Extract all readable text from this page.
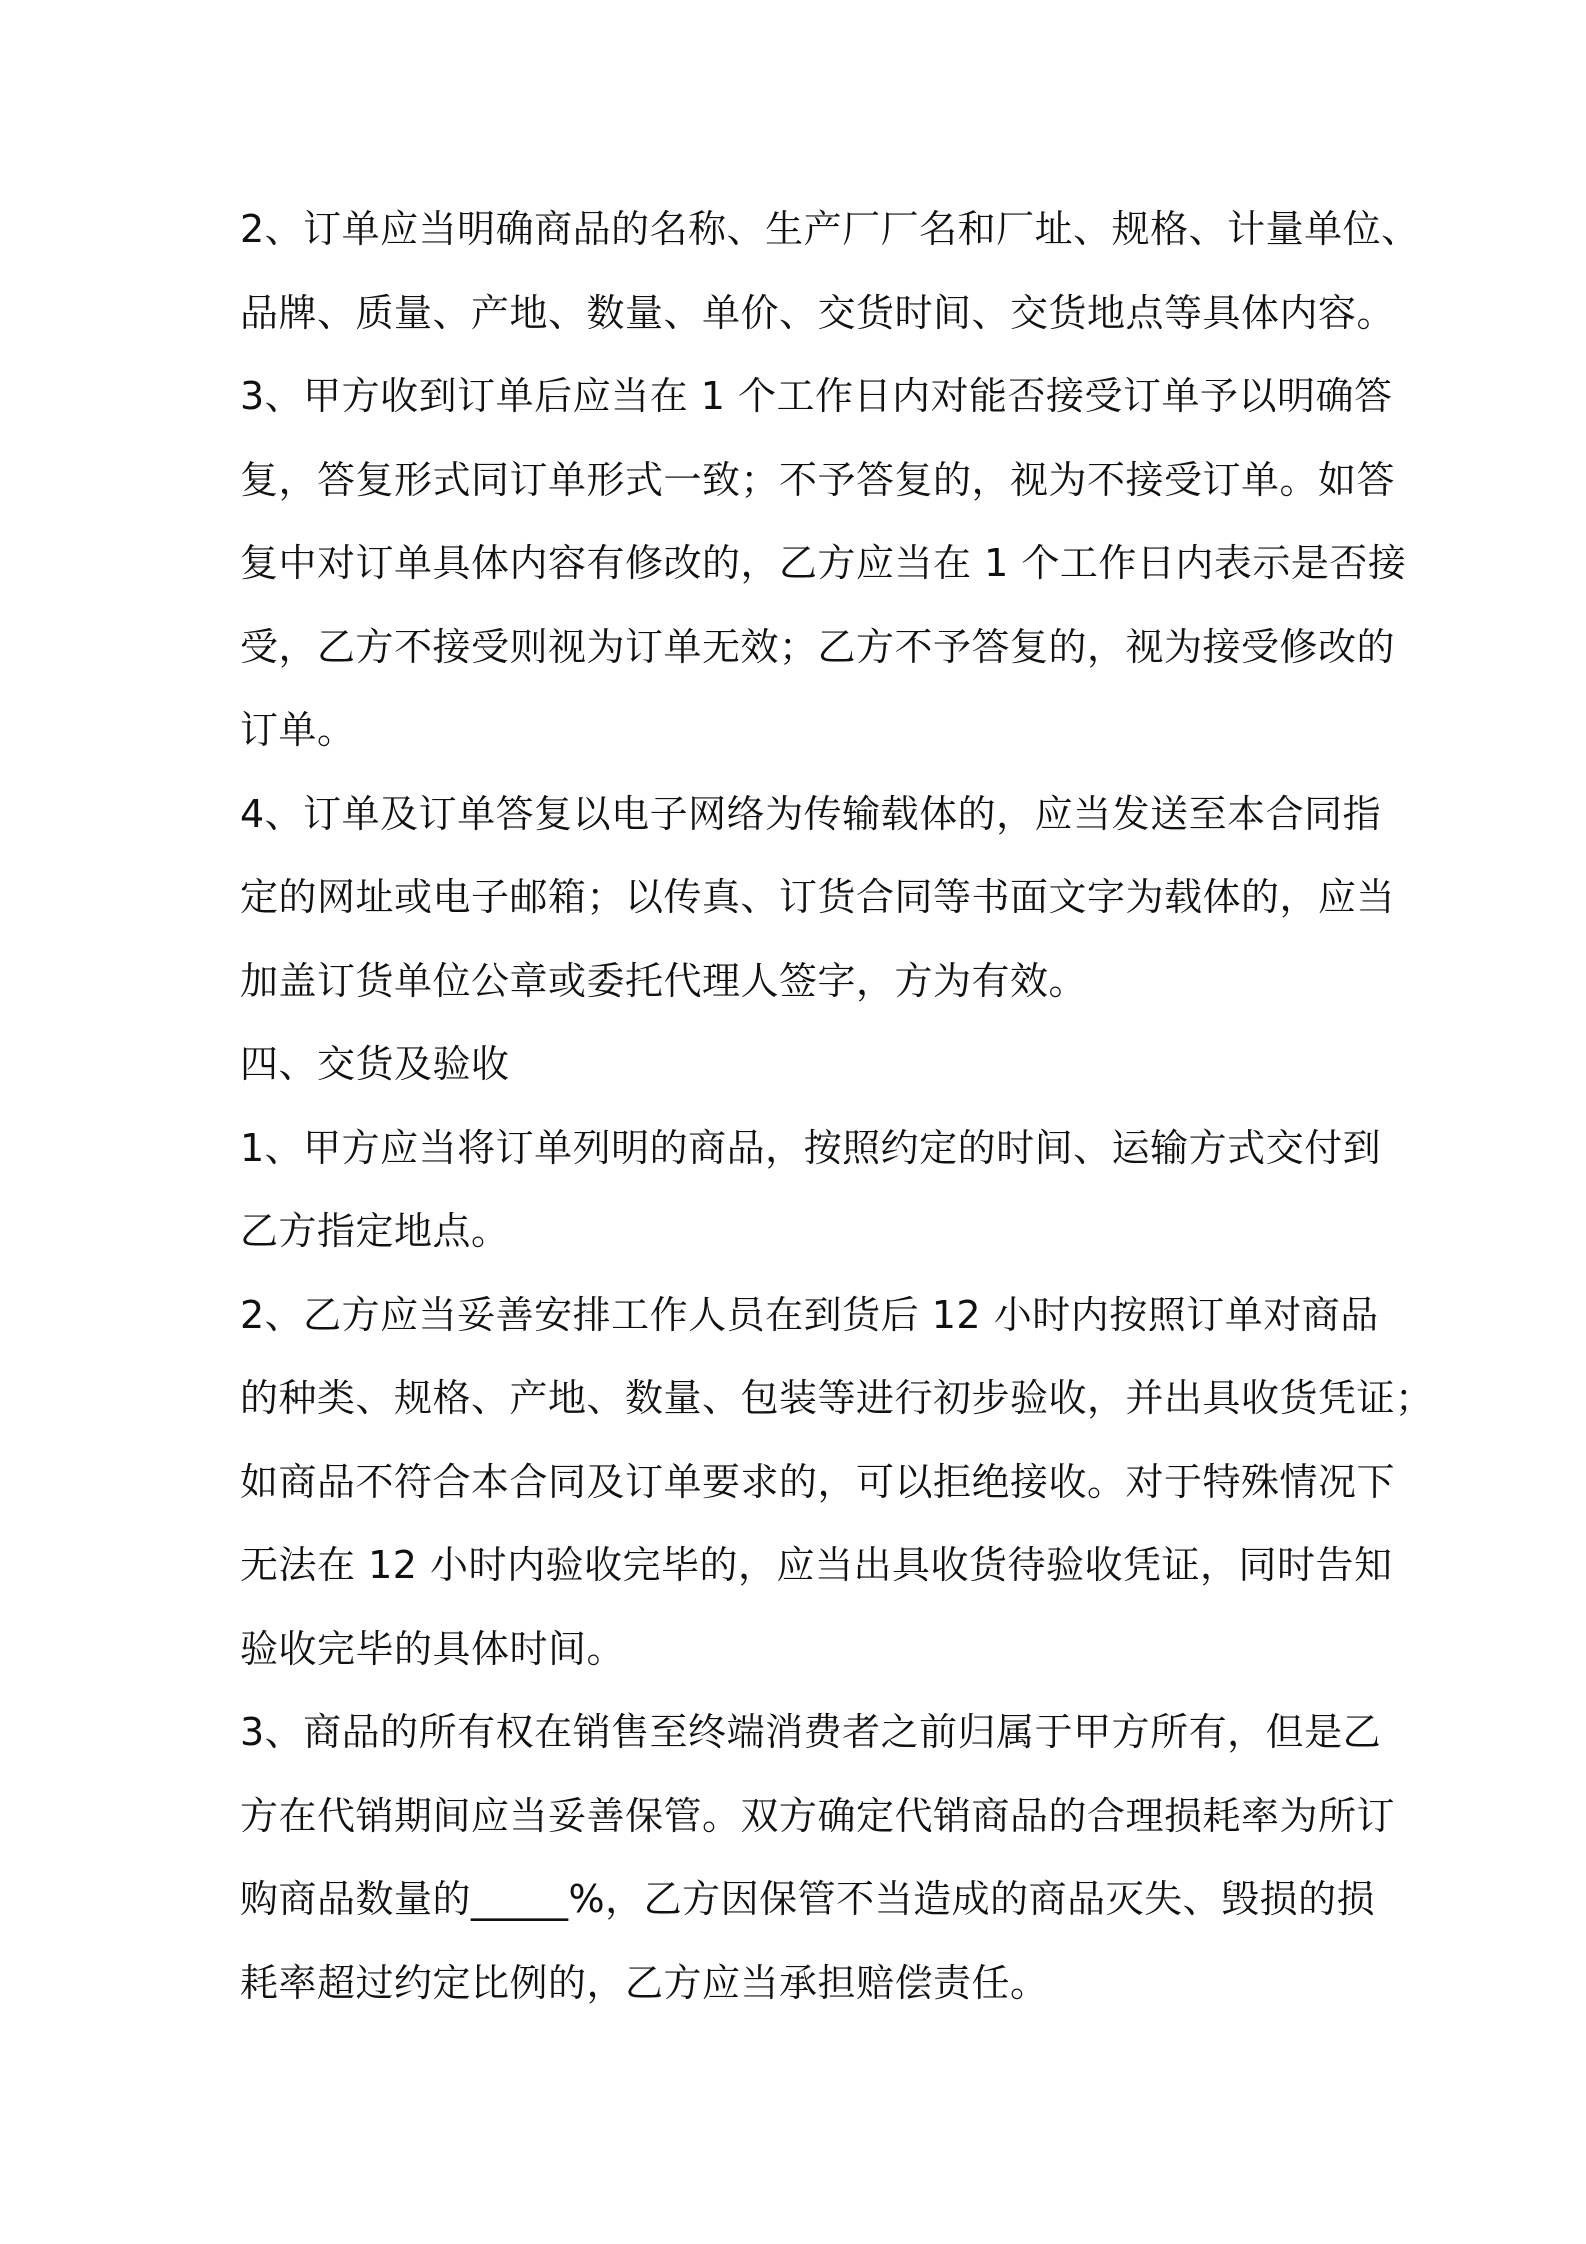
2、订单应当明确商品的名称、生产厂厂名和厂址、规格、计量单位、
品牌、质量、产地、数量、单价、交货时间、交货地点等具体内容。
3、甲方收到订单后应当在 1 个工作日内对能否接受订单予以明确答
复，答复形式同订单形式一致；不予答复的，视为不接受订单。如答
复中对订单具体内容有修改的，乙方应当在 1 个工作日内表示是否接
受，乙方不接受则视为订单无效；乙方不予答复的，视为接受修改的
订单。
4、订单及订单答复以电子网络为传输载体的，应当发送至本合同指
定的网址或电子邮箱；以传真、订货合同等书面文字为载体的，应当
加盖订货单位公章或委托代理人签字，方为有效。
四、交货及验收
1、甲方应当将订单列明的商品，按照约定的时间、运输方式交付到
乙方指定地点。
2、乙方应当妥善安排工作人员在到货后 12 小时内按照订单对商品
的种类、规格、产地、数量、包装等进行初步验收，并出具收货凭证；
如商品不符合本合同及订单要求的，可以拒绝接收。对于特殊情况下
无法在 12 小时内验收完毕的，应当出具收货待验收凭证，同时告知
验收完毕的具体时间。
3、商品的所有权在销售至终端消费者之前归属于甲方所有，但是乙
方在代销期间应当妥善保管。双方确定代销商品的合理损耗率为所订
购商品数量的_____%，乙方因保管不当造成的商品灭失、毁损的损
耗率超过约定比例的，乙方应当承担赔偿责任。
